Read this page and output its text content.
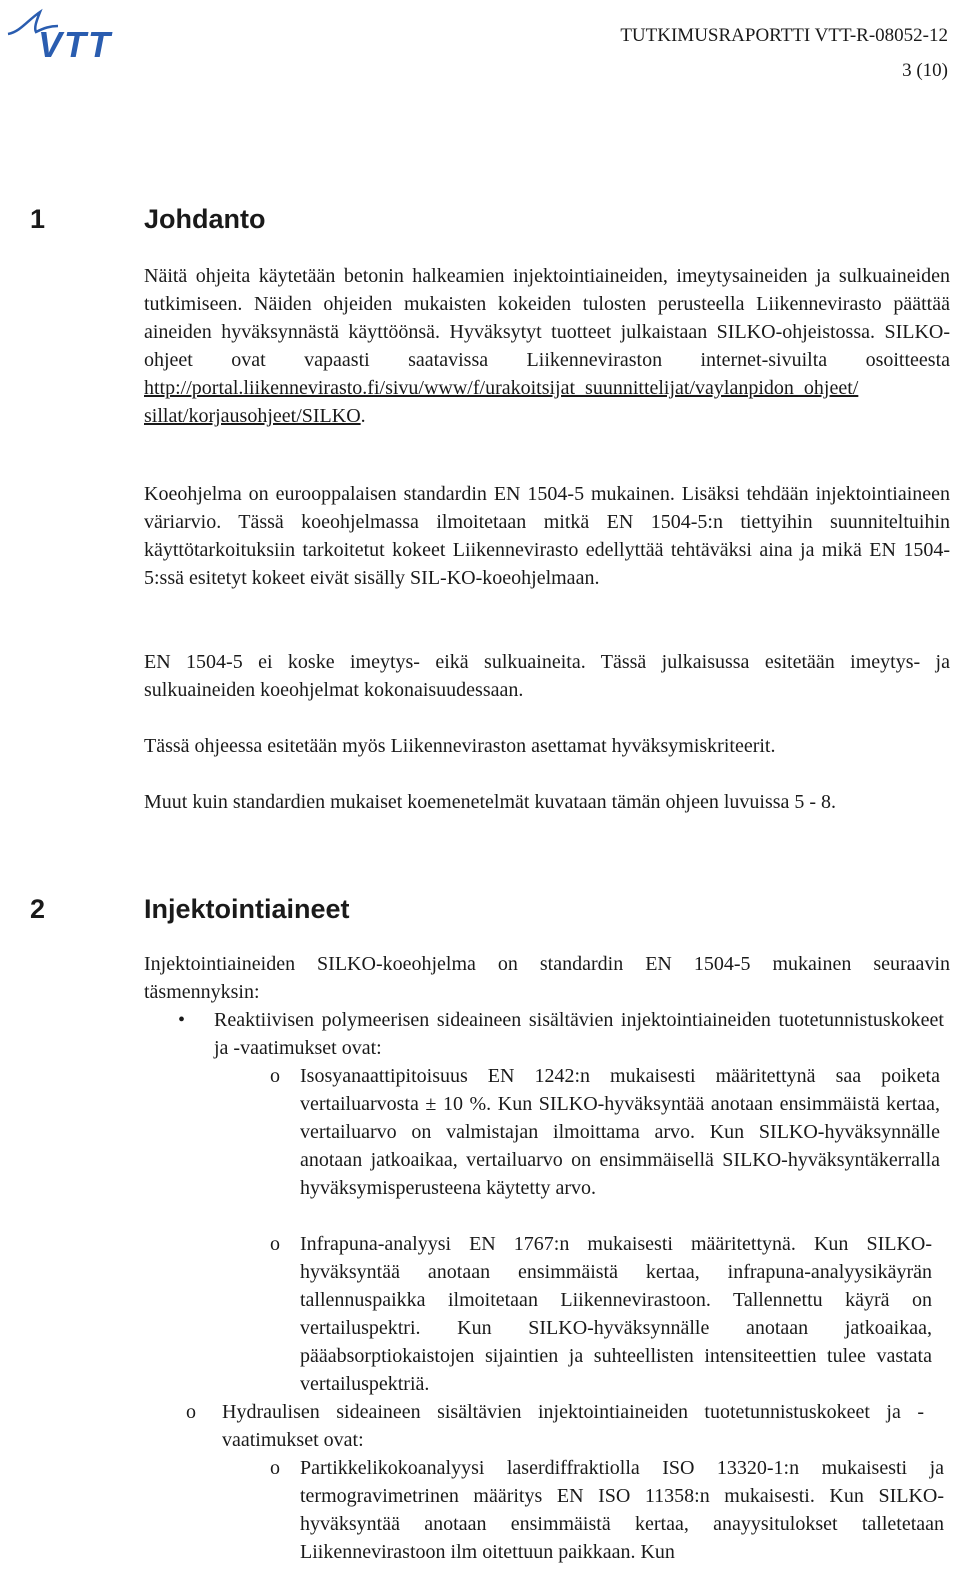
VTT	TUTKIMUSRAPORTTI VTT-R-08052-12
3 (10)
1	Johdanto
Näitä ohjeita käytetään betonin halkeamien injektointiaineiden, imeytysaineiden ja sulkuaineiden tutkimiseen. Näiden ohjeiden mukaisten kokeiden tulosten perusteella Liikennevirasto päättää aineiden hyväksynnästä käyttöönsä. Hyväksytyt tuotteet julkaistaan SILKO-ohjeistossa. SILKO-ohjeet ovat vapaasti saatavissa Liikenneviraston internet-sivuilta osoitteesta http://portal.liikennevirasto.fi/sivu/www/f/urakoitsijat_suunnittelijat/vaylanpidon_ohjeet/ sillat/korjausohjeet/SILKO.
Koeohjelma on eurooppalaisen standardin EN 1504-5 mukainen. Lisäksi tehdään injektointiaineen väriarvio. Tässä koeohjelmassa ilmoitetaan mitkä EN 1504-5:n tiettyihin suunniteltuihin käyttötarkoituksiin tarkoitetut kokeet Liikennevirasto edellyttää tehtäväksi aina ja mikä EN 1504-5:ssä esitetyt kokeet eivät sisälly SIL-KO-koeohjelmaan.
EN 1504-5 ei koske imeytys- eikä sulkuaineita. Tässä julkaisussa esitetään imeytys- ja sulkuaineiden koeohjelmat kokonaisuudessaan.
Tässä ohjeessa esitetään myös Liikenneviraston asettamat hyväksymiskriteerit.
Muut kuin standardien mukaiset koemenetelmät kuvataan tämän ohjeen luvuissa 5 - 8.
2	Injektointiaineet
Injektointiaineiden SILKO-koeohjelma on standardin EN 1504-5 mukainen seuraavin täsmennyksin:
• Reaktiivisen polymeerisen sideaineen sisältävien injektointiaineiden tuotetunnistuskokeet ja -vaatimukset ovat:
o Isosyanaattipitoisuus EN 1242:n mukaisesti määritettynä saa poiketa vertailuarvosta ± 10 %. Kun SILKO-hyväksyntää anotaan ensimmäistä kertaa, vertailuarvo on valmistajan ilmoittama arvo. Kun SILKO-hyväksynnälle anotaan jatkoaikaa, vertailuarvo on ensimmäisellä SILKO-hyväksyntäkerralla hyväksymisperusteena käytetty arvo.
o Infrapuna-analyysi EN 1767:n mukaisesti määritettynä. Kun SILKO-hyväksyntää anotaan ensimmäistä kertaa, infrapuna-analyysikäyrän tallennuspaikka ilmoitetaan Liikennevirastoon. Tallennettu käyrä on vertailuspektri. Kun SILKO-hyväksynnälle anotaan jatkoaikaa, pääabsorptiokaistojen sijaintien ja suhteellisten intensiteettien tulee vastata vertailuspektriä.
o Hydraulisen sideaineen sisältävien injektointiaineiden tuotetunnistuskokeet ja -vaatimukset ovat:
o Partikkelikokoanalyysi laserdiffraktiolla ISO 13320-1:n mukaisesti ja termogravimetrinen määritys EN ISO 11358:n mukaisesti. Kun SILKO-hyväksyntää anotaan ensimmäistä kertaa, anayysitulokset talletetaan Liikennevirastoon ilm oitettuun paikkaan. Kun
